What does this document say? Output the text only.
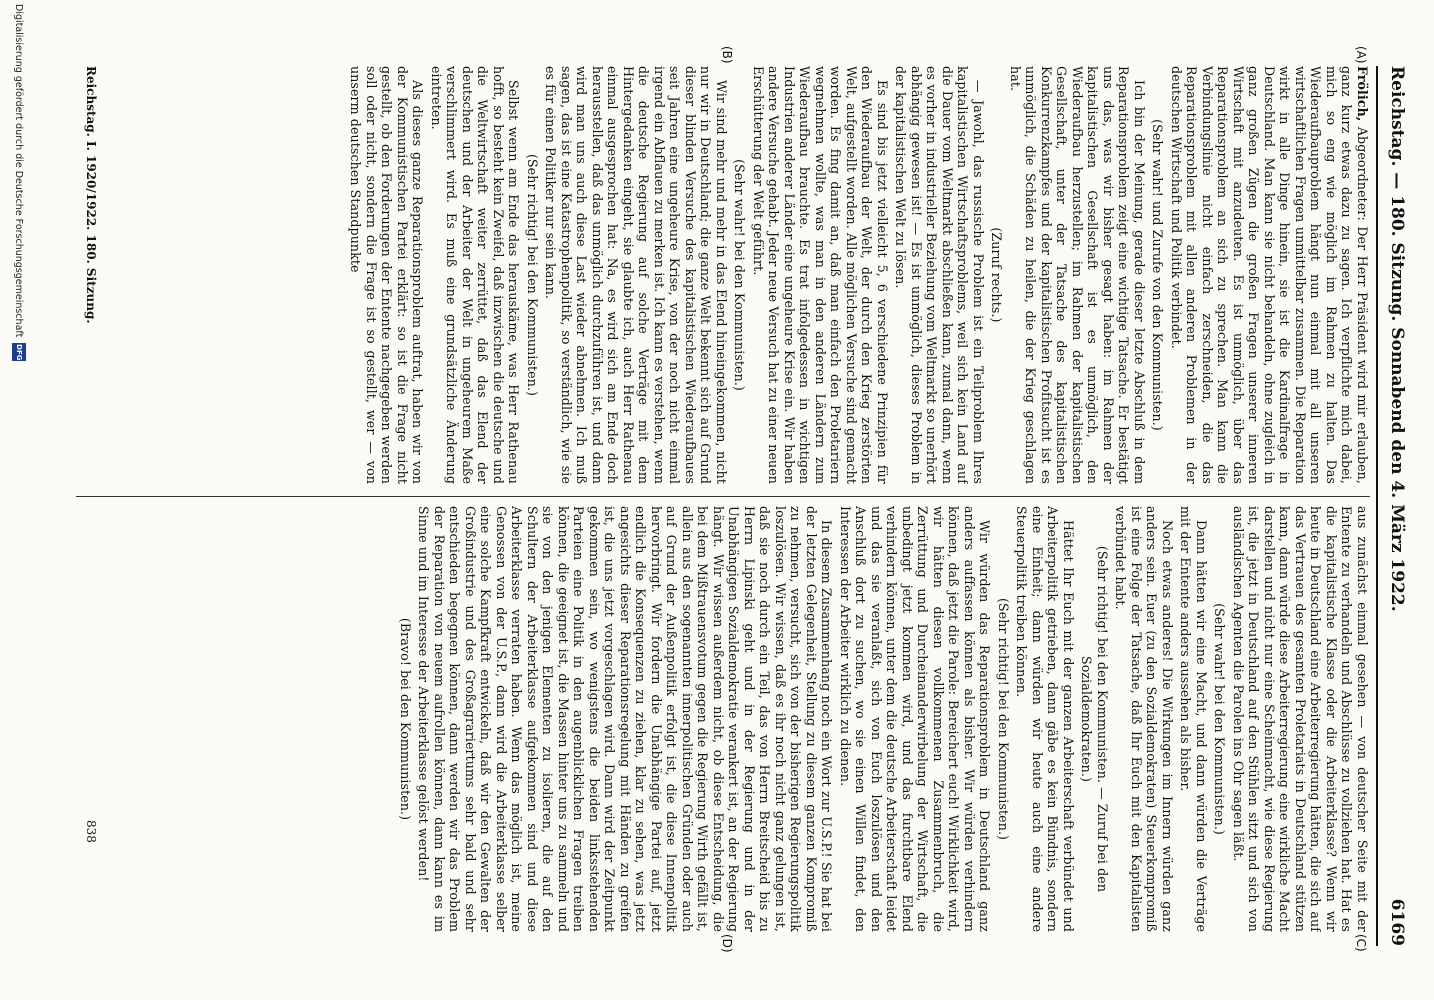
Reichstag. — 180. Sitzung. Sonnabend den 4. März 1922.
6169
(A)
(B)
(C)
(D)

Frölich, Abgeordneter: Der Herr Präsident wird mir erlauben, ganz kurz etwas dazu zu sagen. Ich verpflichte mich dabei, mich so eng wie möglich im Rahmen zu halten. Das Wiederaufbauproblem hängt nun einmal mit all unseren wirtschaftlichen Fragen unmittelbar zusammen. Die Reparation wirkt in alle Dinge hinein, sie ist die Kardinalfrage in Deutschland. Man kann sie nicht behandeln, ohne zugleich in ganz großen Zügen die großen Fragen unserer inneren Wirtschaft mit anzudeuten. Es ist unmöglich, über das Reparationsproblem an sich zu sprechen. Man kann die Verbindungslinie nicht einfach zerschneiden, die das Reparationsproblem mit allen anderen Problemen in der deutschen Wirtschaft und Politik verbindet.

(Sehr wahr! und Zurufe von den Kommunisten.)

Ich bin der Meinung, gerade dieser letzte Abschluß in dem Reparationsproblem zeigt eine wichtige Tatsache. Er bestätigt uns das, was wir bisher gesagt haben: im Rahmen der kapitalistischen Gesellschaft ist es unmöglich, den Wiederaufbau herzustellen; im Rahmen der kapitalistischen Gesellschaft, unter der Tatsache des kapitalistischen Konkurrenzkampfes und der kapitalistischen Profitsucht ist es unmöglich, die Schäden zu heilen, die der Krieg geschlagen hat.

(Zuruf rechts.)

— Jawohl, das russische Problem ist ein Teilproblem Ihres kapitalistischen Wirtschaftsproblems, weil sich kein Land auf die Dauer vom Weltmarkt abschließen kann, zumal dann, wenn es vorher in industrieller Beziehung vom Weltmarkt so unerhört abhängig gewesen ist! — Es ist unmöglich, dieses Problem in der kapitalistischen Welt zu lösen.

Es sind bis jetzt vielleicht 5, 6 verschiedene Prinzipien für den Wiederaufbau der Welt, der durch den Krieg zerstörten Welt, aufgestellt worden. Alle möglichen Versuche sind gemacht worden. Es fing damit an, daß man einfach den Proletariern wegnehmen wollte, was man in den anderen Ländern zum Wiederaufbau brauchte. Es trat infolgedessen in wichtigen Industrien anderer Länder eine ungeheure Krise ein. Wir haben andere Versuche gehabt. Jeder neue Versuch hat zu einer neuen Erschütterung der Welt geführt.

(Sehr wahr! bei den Kommunisten.)

Wir sind mehr und mehr in das Elend hineingekommen, nicht nur wir in Deutschland; die ganze Welt bekennt sich auf Grund dieser blinden Versuche des kapitalistischen Wiederaufbaues seit Jahren eine ungeheure Krise, von der noch nicht einmal irgend ein Abflauen zu merken ist. Ich kann es verstehen, wenn die deutsche Regierung auf solche Verträge mit dem Hintergedanken eingeht, sie glaubte ich, auch Herr Rathenau einmal ausgesprochen hat: Na, es wird sich am Ende doch herausstellen, daß das unmöglich durchzuführen ist, und dann wird man uns auch diese Last wieder abnehmen. Ich muß sagen, das ist eine Katastrophenpolitik, so verständlich, wie sie es für einen Politiker nur sein kann.

(Sehr richtig! bei den Kommunisten.)

Selbst wenn am Ende das herauskäme, was Herr Rathenau hofft, so besteht kein Zweifel, daß inzwischen die deutsche und die Weltwirtschaft weiter zerrüttet, daß das Elend der deutschen und der Arbeiter der Welt in ungeheurem Maße verschlimmert wird. Es muß eine grundsätzliche Änderung eintreten.

Als dieses ganze Reparationsproblem auftrat, haben wir von der Kommunistischen Partei erklärt: so ist die Frage nicht gestellt, ob den Forderungen der Entente nachgegeben werden soll oder nicht, sondern die Frage ist so gestellt, wer — von unserm deutschen Standpunkte

aus zunächst einmal gesehen — von deutscher Seite mit der Entente zu verhandeln und Abschlüsse zu vollziehen hat. Hat es die kapitalistische Klasse oder die Arbeiterklasse? Wenn wir heute in Deutschland eine Arbeiterregierung hätten, die sich auf das Vertrauen des gesamten Proletariats in Deutschland stützen kann, dann würde diese Arbeiterregierung eine wirkliche Macht darstellen und nicht nur eine Scheinmacht, wie diese Regierung ist, die jetzt in Deutschland auf den Stühlen sitzt und sich von ausländischen Agenten die Parolen ins Ohr sagen läßt.

(Sehr wahr! bei den Kommunisten.)

Dann hätten wir eine Macht, und dann würden die Verträge mit der Entente anders aussehen als bisher.

Noch etwas anderes! Die Wirkungen im Innern würden ganz anders sein. Euer (zu den Sozialdemokraten) Steuerkompromiß ist eine Folge der Tatsache, daß Ihr Euch mit den Kapitalisten verbündet habt.

(Sehr richtig! bei den Kommunisten. — Zuruf bei den Sozialdemokraten.)

Hättet Ihr Euch mit der ganzen Arbeiterschaft verbündet und Arbeiterpolitik getrieben, dann gäbe es kein Bündnis, sondern eine Einheit; dann würden wir heute auch eine andere Steuerpolitik treiben können.

(Sehr richtig! bei den Kommunisten.)

Wir würden das Reparationsproblem in Deutschland ganz anders auffassen können als bisher. Wir würden verhindern können, daß jetzt die Parole: Bereichert euch! Wirklichkeit wird, wir hätten diesen vollkommenen Zusammenbruch, die Zerrüttung und Durcheinanderwirbelung der Wirtschaft, die unbedingt jetzt kommen wird, und das furchtbare Elend verhindern können, unter dem die deutsche Arbeiterschaft leidet und das sie veranlaßt, sich von Euch loszulösen und den Anschluß dort zu suchen, wo sie einen Willen findet, den Interessen der Arbeiter wirklich zu dienen.

In diesem Zusammenhang noch ein Wort zur U.S.P.! Sie hat bei der letzten Gelegenheit, Stellung zu diesem ganzen Kompromiß zu nehmen, versucht, sich von der bisherigen Regierungspolitik loszulösen. Wir wissen, daß es ihr noch nicht ganz gelungen ist, daß sie noch durch ein Teil, das von Herrn Breitscheid bis zu Herrn Lipinski geht und in der Regierung und in der Unabhängigen Sozialdemokratie verankert ist, an der Regierung hängt. Wir wissen außerdem nicht, ob diese Entscheidung, die bei dem Mißtrauensvotum gegen die Regierung Wirth gefällt ist, allein aus den sogenannten innerpolitischen Gründen oder auch auf Grund der Außenpolitik erfolgt ist, die diese Innenpolitik hervorbringt. Wir fordern die Unabhängige Partei auf, jetzt endlich die Konsequenzen zu ziehen, klar zu sehen, was jetzt angesichts dieser Reparationsregelung mit Händen zu greifen ist, die uns jetzt vorgeschlagen wird. Dann wird der Zeitpunkt gekommen sein, wo wenigstens die beiden linksstehenden Parteien eine Politik in den augenblicklichen Fragen treiben können, die geeignet ist, die Massen hinter uns zu sammeln und sie von den jenigen Elementen zu isolieren, die auf den Schultern der Arbeiterklasse aufgekommen sind und diese Arbeiterklasse verraten haben. Wenn das möglich ist, meine Genossen von der U.S.P., dann wird die Arbeiterklasse selber eine solche Kampfkraft entwickeln, daß wir den Gewalten der Großindustrie und des Großagrariertums sehr bald und sehr entschieden begegnen können, dann werden wir das Problem der Reparation von neuem aufrollen können, dann kann es im Sinne und im Interesse der Arbeiterklasse gelöst werden!

(Bravo! bei den Kommunisten.)

Reichstag. I. 1920/1922. 180. Sitzung.
838
Digitalisierung gefördert durch die Deutsche Forschungsgemeinschaft
DFG
